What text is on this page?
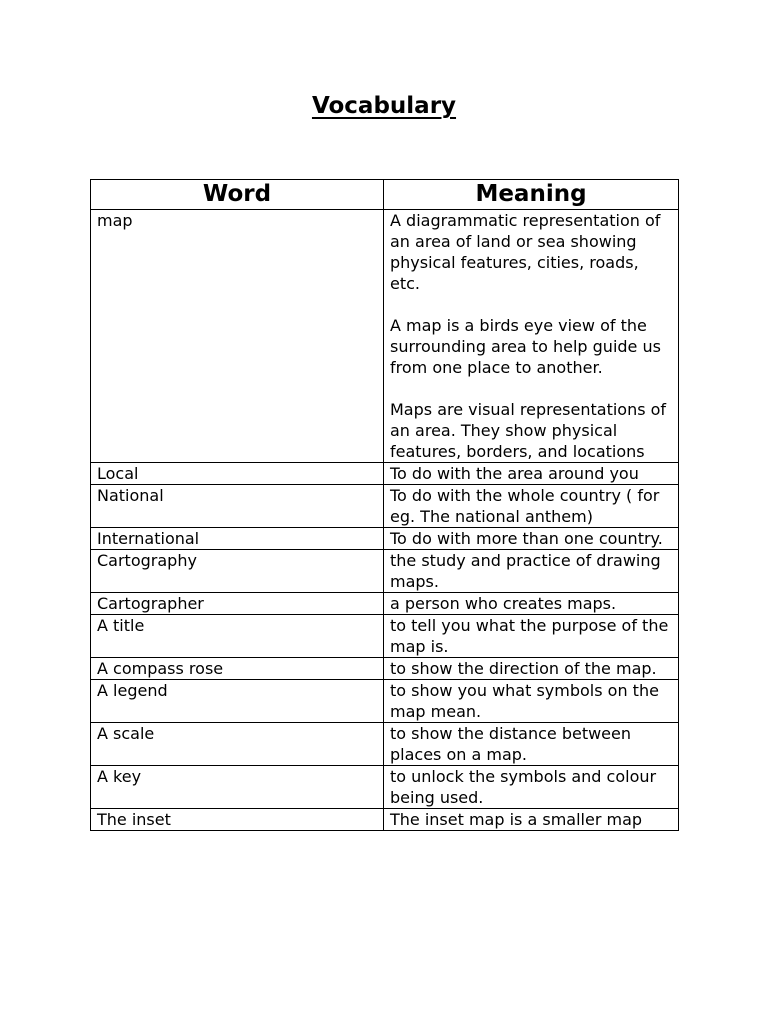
Vocabulary
Word	Meaning
map	A diagrammatic representation of an area of land or sea showing physical features, cities, roads, etc.

A map is a birds eye view of the surrounding area to help guide us from one place to another.

Maps are visual representations of an area. They show physical features, borders, and locations
Local	To do with the area around you
National	To do with the whole country ( for eg. The national anthem)
International	To do with more than one country.
Cartography	the study and practice of drawing maps.
Cartographer	a person who creates maps.
A title	to tell you what the purpose of the map is.
A compass rose	to show the direction of the map.
A legend	to show you what symbols on the map mean.
A scale	to show the distance between places on a map.
A key	to unlock the symbols and colour being used.
The inset	The inset map is a smaller map
